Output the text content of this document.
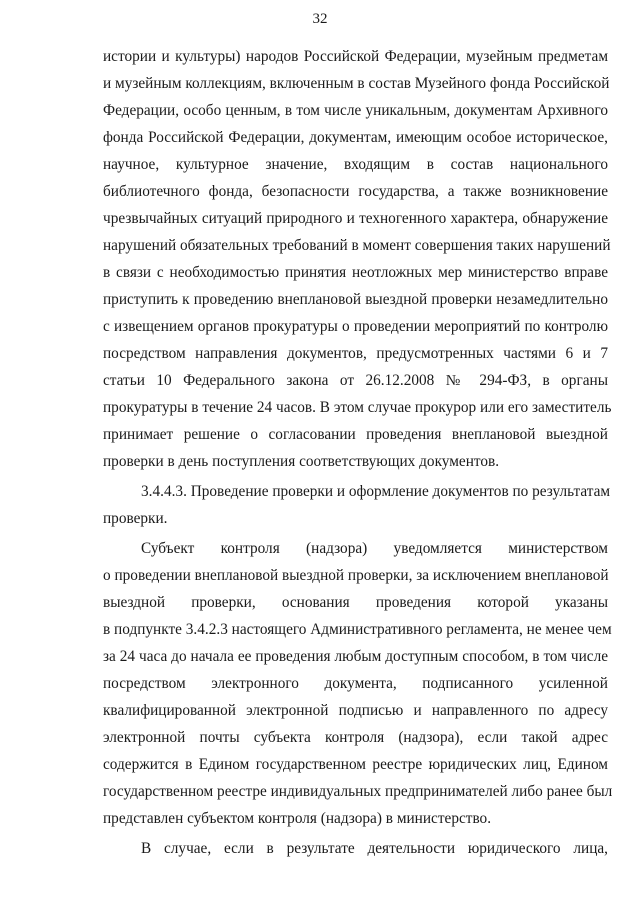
32
истории и культуры) народов Российской Федерации, музейным предметам
и музейным коллекциям, включенным в состав Музейного фонда Российской
Федерации, особо ценным, в том числе уникальным, документам Архивного
фонда Российской Федерации, документам, имеющим особое историческое,
научное, культурное значение, входящим в состав национального
библиотечного фонда, безопасности государства, а также возникновение
чрезвычайных ситуаций природного и техногенного характера, обнаружение
нарушений обязательных требований в момент совершения таких нарушений
в связи с необходимостью принятия неотложных мер министерство вправе
приступить к проведению внеплановой выездной проверки незамедлительно
с извещением органов прокуратуры о проведении мероприятий по контролю
посредством направления документов, предусмотренных частями 6 и 7
статьи 10 Федерального закона от 26.12.2008 № 294-ФЗ, в органы
прокуратуры в течение 24 часов. В этом случае прокурор или его заместитель
принимает решение о согласовании проведения внеплановой выездной
проверки в день поступления соответствующих документов.
3.4.4.3. Проведение проверки и оформление документов по результатам
проверки.
Субъект контроля (надзора) уведомляется министерством
о проведении внеплановой выездной проверки, за исключением внеплановой
выездной проверки, основания проведения которой указаны
в подпункте 3.4.2.3 настоящего Административного регламента, не менее чем
за 24 часа до начала ее проведения любым доступным способом, в том числе
посредством электронного документа, подписанного усиленной
квалифицированной электронной подписью и направленного по адресу
электронной почты субъекта контроля (надзора), если такой адрес
содержится в Едином государственном реестре юридических лиц, Едином
государственном реестре индивидуальных предпринимателей либо ранее был
представлен субъектом контроля (надзора) в министерство.
В случае, если в результате деятельности юридического лица,
